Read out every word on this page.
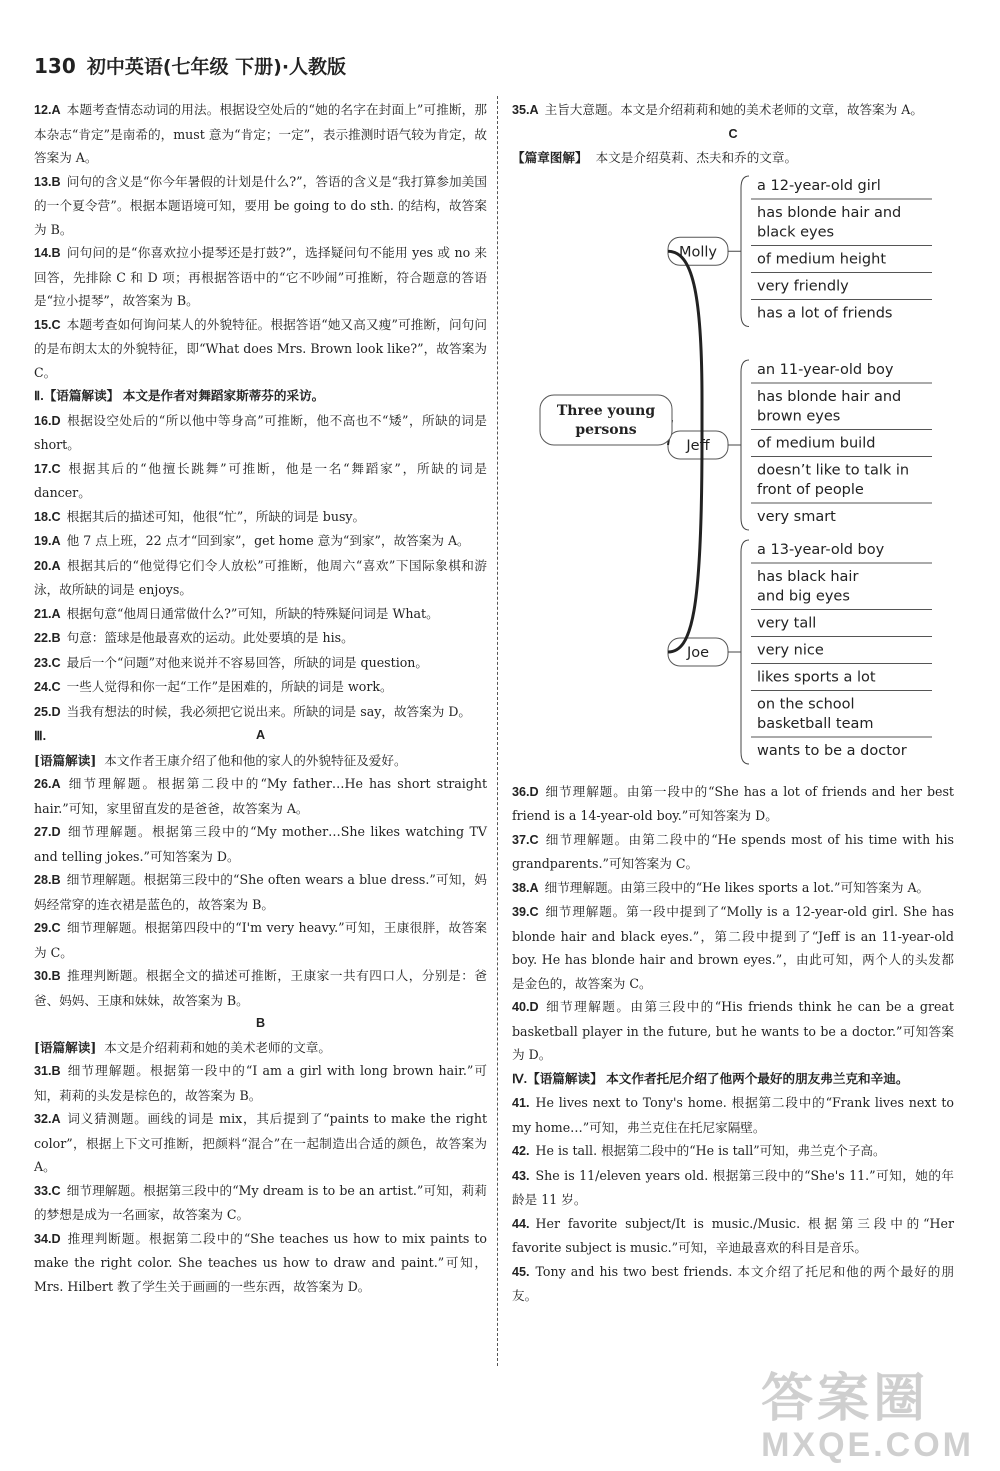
130 初中英语(七年级 下册)·人教版

12.A 本题考查情态动词的用法。根据设空处后的“她的名字在封面上”可推断，那本杂志“肯定”是南希的，must 意为“肯定；一定”，表示推测时语气较为肯定，故答案为 A。

13.B 问句的含义是“你今年暑假的计划是什么?”，答语的含义是“我打算参加美国的一个夏令营”。根据本题语境可知，要用 be going to do sth. 的结构，故答案为 B。

14.B 问句问的是“你喜欢拉小提琴还是打鼓?”，选择疑问句不能用 yes 或 no 来回答，先排除 C 和 D 项；再根据答语中的“它不吵闹”可推断，符合题意的答语是“拉小提琴”，故答案为 B。

15.C 本题考查如何询问某人的外貌特征。根据答语“她又高又瘦”可推断，问句问的是布朗太太的外貌特征，即“What does Mrs. Brown look like?”，故答案为 C。

Ⅱ.【语篇解读】 本文是作者对舞蹈家斯蒂芬的采访。

16.D 根据设空处后的“所以他中等身高”可推断，他不高也不“矮”，所缺的词是 short。

17.C 根据其后的“他擅长跳舞”可推断，他是一名“舞蹈家”，所缺的词是 dancer。

18.C 根据其后的描述可知，他很“忙”，所缺的词是 busy。

19.A 他 7 点上班，22 点才“回到家”，get home 意为“到家”，故答案为 A。

20.A 根据其后的“他觉得它们令人放松”可推断，他周六“喜欢”下国际象棋和游泳，故所缺的词是 enjoys。

21.A 根据句意“他周日通常做什么?”可知，所缺的特殊疑问词是 What。

22.B 句意：篮球是他最喜欢的运动。此处要填的是 his。

23.C 最后一个“问题”对他来说并不容易回答，所缺的词是 question。

24.C 一些人觉得和你一起“工作”是困难的，所缺的词是 work。

25.D 当我有想法的时候，我必须把它说出来。所缺的词是 say，故答案为 D。

Ⅲ.	A

[语篇解读] 本文作者王康介绍了他和他的家人的外貌特征及爱好。

26.A 细节理解题。根据第二段中的“My father…He has short straight hair.”可知，家里留直发的是爸爸，故答案为 A。

27.D 细节理解题。根据第三段中的“My mother…She likes watching TV and telling jokes.”可知答案为 D。

28.B 细节理解题。根据第三段中的“She often wears a blue dress.”可知，妈妈经常穿的连衣裙是蓝色的，故答案为 B。

29.C 细节理解题。根据第四段中的“I'm very heavy.”可知，王康很胖，故答案为 C。

30.B 推理判断题。根据全文的描述可推断，王康家一共有四口人，分别是：爸爸、妈妈、王康和妹妹，故答案为 B。

B

[语篇解读] 本文是介绍莉莉和她的美术老师的文章。

31.B 细节理解题。根据第一段中的“I am a girl with long brown hair.”可知，莉莉的头发是棕色的，故答案为 B。

32.A 词义猜测题。画线的词是 mix，其后提到了“paints to make the right color”，根据上下文可推断，把颜料“混合”在一起制造出合适的颜色，故答案为 A。

33.C 细节理解题。根据第三段中的“My dream is to be an artist.”可知，莉莉的梦想是成为一名画家，故答案为 C。

34.D 推理判断题。根据第二段中的“She teaches us how to mix paints to make the right color. She teaches us how to draw and paint.”可知，Mrs. Hilbert 教了学生关于画画的一些东西，故答案为 D。

35.A 主旨大意题。本文是介绍莉莉和她的美术老师的文章，故答案为 A。

C

【篇章图解】 本文是介绍莫莉、杰夫和乔的文章。

a 12-year-old girl
has blonde hair and
black eyes
of medium height
very friendly
has a lot of friends
Molly
an 11-year-old boy
has blonde hair and
brown eyes
of medium build
doesn’t like to talk in
front of people
very smart
Jeff
a 13-year-old boy
has black hair
and big eyes
very tall
very nice
likes sports a lot
on the school
basketball team
wants to be a doctor
Joe
Three young
persons

36.D 细节理解题。由第一段中的“She has a lot of friends and her best friend is a 14-year-old boy.”可知答案为 D。

37.C 细节理解题。由第二段中的“He spends most of his time with his grandparents.”可知答案为 C。

38.A 细节理解题。由第三段中的“He likes sports a lot.”可知答案为 A。

39.C 细节理解题。第一段中提到了“Molly is a 12-year-old girl. She has blonde hair and black eyes.”，第二段中提到了“Jeff is an 11-year-old boy. He has blonde hair and brown eyes.”，由此可知，两个人的头发都是金色的，故答案为 C。

40.D 细节理解题。由第三段中的“His friends think he can be a great basketball player in the future, but he wants to be a doctor.”可知答案为 D。

Ⅳ.【语篇解读】 本文作者托尼介绍了他两个最好的朋友弗兰克和辛迪。

41. He lives next to Tony's home. 根据第二段中的“Frank lives next to my home…”可知，弗兰克住在托尼家隔壁。

42. He is tall. 根据第二段中的“He is tall”可知，弗兰克个子高。

43. She is 11/eleven years old. 根据第三段中的“She's 11.”可知，她的年龄是 11 岁。

44. Her favorite subject/It is music./Music. 根据第三段中的“Her favorite subject is music.”可知，辛迪最喜欢的科目是音乐。

45. Tony and his two best friends. 本文介绍了托尼和他的两个最好的朋友。

答案圈
MXQE.COM
